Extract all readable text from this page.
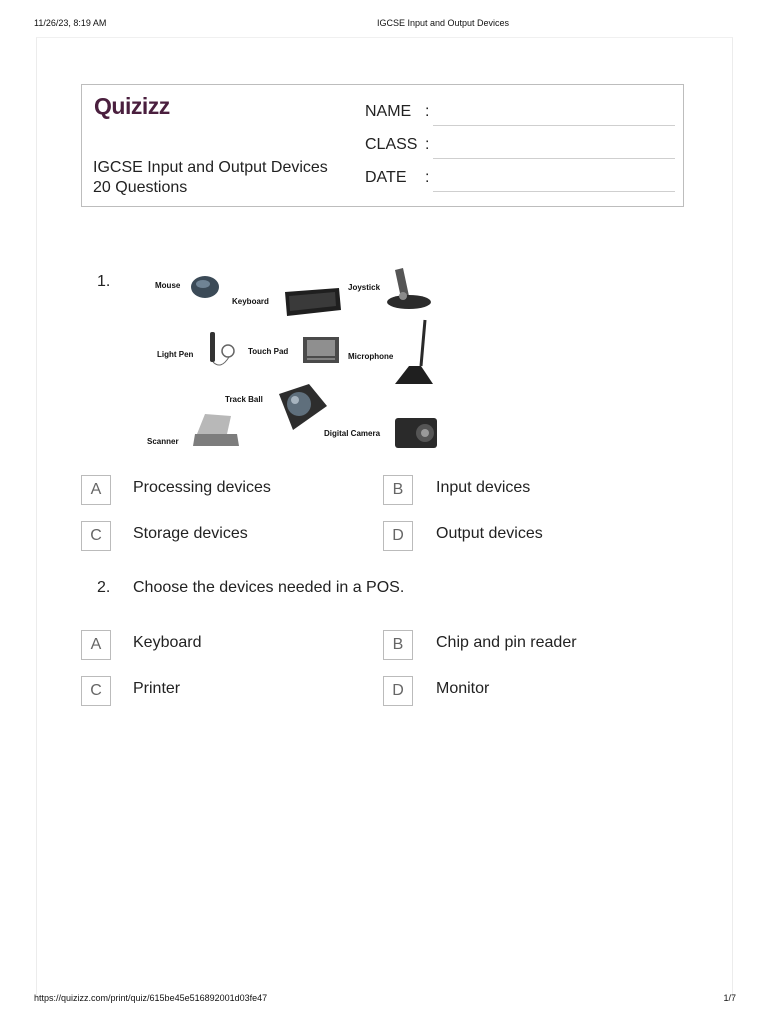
11/26/23, 8:19 AM	IGCSE Input and Output Devices
Quizizz
IGCSE Input and Output Devices
20 Questions
NAME :
CLASS :
DATE :
1.	Mouse
Keyboard
Joystick
Light Pen	Touch Pad
Microphone
Track Ball
Scanner
Digital Camera
A	Processing devices	B	Input devices
C	Storage devices	D	Output devices
2. Choose the devices needed in a POS.
A	Keyboard	B	Chip and pin reader
C	Printer	D	Monitor
https://quizizz.com/print/quiz/615be45e516892001d03fe47	1/7
